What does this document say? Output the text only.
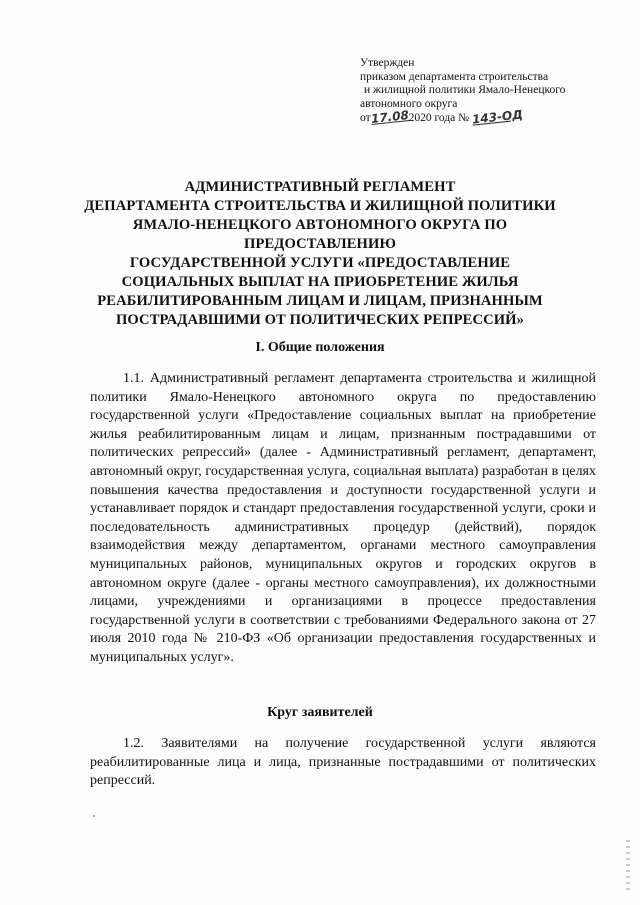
Утвержден
приказом департамента строительства
и жилищной политики Ямало-Ненецкого
автономного округа
от17.082020 года № 143-ОД
АДМИНИСТРАТИВНЫЙ РЕГЛАМЕНТ
ДЕПАРТАМЕНТА СТРОИТЕЛЬСТВА И ЖИЛИЩНОЙ ПОЛИТИКИ
ЯМАЛО-НЕНЕЦКОГО АВТОНОМНОГО ОКРУГА ПО
ПРЕДОСТАВЛЕНИЮ
ГОСУДАРСТВЕННОЙ УСЛУГИ «ПРЕДОСТАВЛЕНИЕ
СОЦИАЛЬНЫХ ВЫПЛАТ НА ПРИОБРЕТЕНИЕ ЖИЛЬЯ
РЕАБИЛИТИРОВАННЫМ ЛИЦАМ И ЛИЦАМ, ПРИЗНАННЫМ
ПОСТРАДАВШИМИ ОТ ПОЛИТИЧЕСКИХ РЕПРЕССИЙ»
I. Общие положения

1.1. Административный регламент департамента строительства и жилищной политики Ямало-Ненецкого автономного округа по предоставлению государственной услуги «Предоставление социальных выплат на приобретение жилья реабилитированным лицам и лицам, признанным пострадавшими от политических репрессий» (далее - Административный регламент, департамент, автономный округ, государственная услуга, социальная выплата) разработан в целях повышения качества предоставления и доступности государственной услуги и устанавливает порядок и стандарт предоставления государственной услуги, сроки и последовательность административных процедур (действий), порядок взаимодействия между департаментом, органами местного самоуправления муниципальных районов, муниципальных округов и городских округов в автономном округе (далее - органы местного самоуправления), их должностными лицами, учреждениями и организациями в процессе предоставления государственной услуги в соответствии с требованиями Федерального закона от 27 июля 2010 года № 210-ФЗ «Об организации предоставления государственных и муниципальных услуг».

Круг заявителей

1.2. Заявителями на получение государственной услуги являются реабилитированные лица и лица, признанные пострадавшими от политических репрессий.
